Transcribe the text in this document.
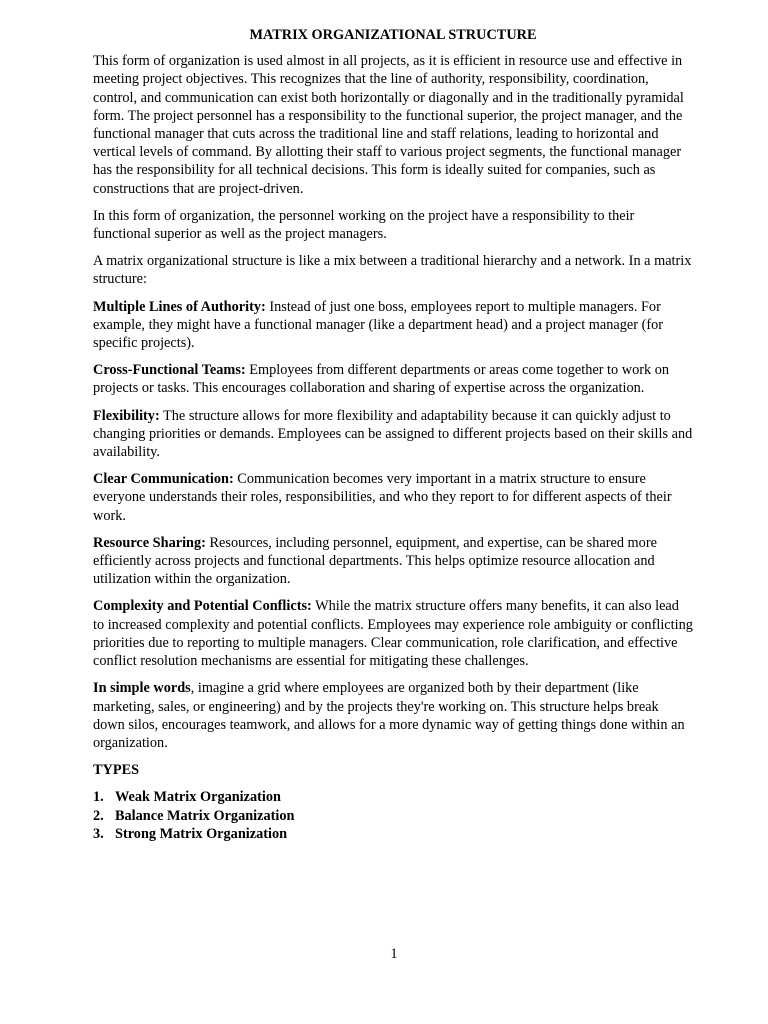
MATRIX ORGANIZATIONAL STRUCTURE

This form of organization is used almost in all projects, as it is efficient in resource use and effective in meeting project objectives. This recognizes that the line of authority, responsibility, coordination, control, and communication can exist both horizontally or diagonally and in the traditionally pyramidal form. The project personnel has a responsibility to the functional superior, the project manager, and the functional manager that cuts across the traditional line and staff relations, leading to horizontal and vertical levels of command. By allotting their staff to various project segments, the functional manager has the responsibility for all technical decisions. This form is ideally suited for companies, such as constructions that are project-driven.

In this form of organization, the personnel working on the project have a responsibility to their functional superior as well as the project managers.

A matrix organizational structure is like a mix between a traditional hierarchy and a network. In a matrix structure:

Multiple Lines of Authority: Instead of just one boss, employees report to multiple managers. For example, they might have a functional manager (like a department head) and a project manager (for specific projects).

Cross-Functional Teams: Employees from different departments or areas come together to work on projects or tasks. This encourages collaboration and sharing of expertise across the organization.

Flexibility: The structure allows for more flexibility and adaptability because it can quickly adjust to changing priorities or demands. Employees can be assigned to different projects based on their skills and availability.

Clear Communication: Communication becomes very important in a matrix structure to ensure everyone understands their roles, responsibilities, and who they report to for different aspects of their work.

Resource Sharing: Resources, including personnel, equipment, and expertise, can be shared more efficiently across projects and functional departments. This helps optimize resource allocation and utilization within the organization.

Complexity and Potential Conflicts: While the matrix structure offers many benefits, it can also lead to increased complexity and potential conflicts. Employees may experience role ambiguity or conflicting priorities due to reporting to multiple managers. Clear communication, role clarification, and effective conflict resolution mechanisms are essential for mitigating these challenges.

In simple words, imagine a grid where employees are organized both by their department (like marketing, sales, or engineering) and by the projects they're working on. This structure helps break down silos, encourages teamwork, and allows for a more dynamic way of getting things done within an organization.

TYPES
1. Weak Matrix Organization
2. Balance Matrix Organization
3. Strong Matrix Organization
1
